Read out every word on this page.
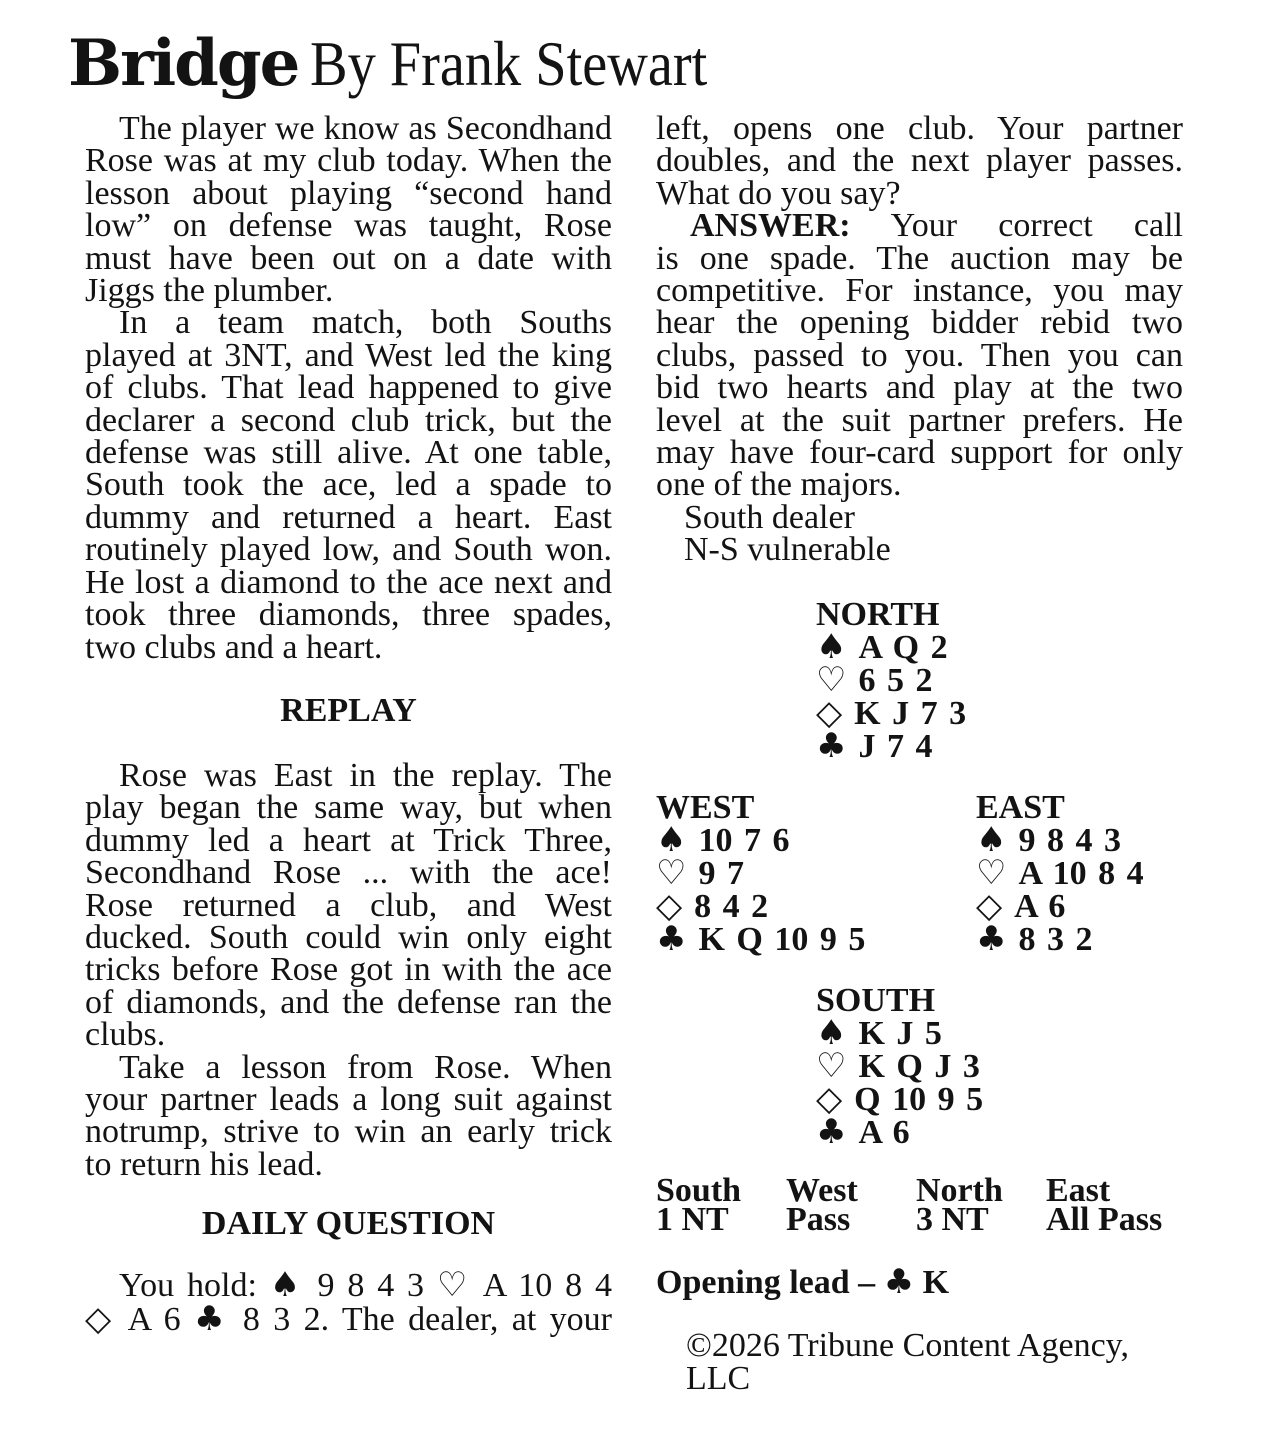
Bridge By Frank Stewart
The player we know as Secondhand
Rose was at my club today. When the
lesson about playing “second hand
low” on defense was taught, Rose
must have been out on a date with
Jiggs the plumber.
In a team match, both Souths
played at 3NT, and West led the king
of clubs. That lead happened to give
declarer a second club trick, but the
defense was still alive. At one table,
South took the ace, led a spade to
dummy and returned a heart. East
routinely played low, and South won.
He lost a diamond to the ace next and
took three diamonds, three spades,
two clubs and a heart.
REPLAY
Rose was East in the replay. The
play began the same way, but when
dummy led a heart at Trick Three,
Secondhand Rose ... with the ace!
Rose returned a club, and West
ducked. South could win only eight
tricks before Rose got in with the ace
of diamonds, and the defense ran the
clubs.
Take a lesson from Rose. When
your partner leads a long suit against
notrump, strive to win an early trick
to return his lead.
DAILY QUESTION
You hold: ♠ 9 8 4 3 ♡ A 10 8 4
◇ A 6 ♣ 8 3 2. The dealer, at your
left, opens one club. Your partner
doubles, and the next player passes.
What do you say?
ANSWER: Your correct call
is one spade. The auction may be
competitive. For instance, you may
hear the opening bidder rebid two
clubs, passed to you. Then you can
bid two hearts and play at the two
level at the suit partner prefers. He
may have four-card support for only
one of the majors.
South dealer
N-S vulnerable
NORTH
♠ A Q 2
♡ 6 5 2
◇ K J 7 3
♣ J 7 4
WEST
♠ 10 7 6
♡ 9 7
◇ 8 4 2
♣ K Q 10 9 5
EAST
♠ 9 8 4 3
♡ A 10 8 4
◇ A 6
♣ 8 3 2
SOUTH
♠ K J 5
♡ K Q J 3
◇ Q 10 9 5
♣ A 6
South
1 NT
West
Pass
North
3 NT
East
All Pass
Opening lead – ♣ K
©2026 Tribune Content Agency, LLC
